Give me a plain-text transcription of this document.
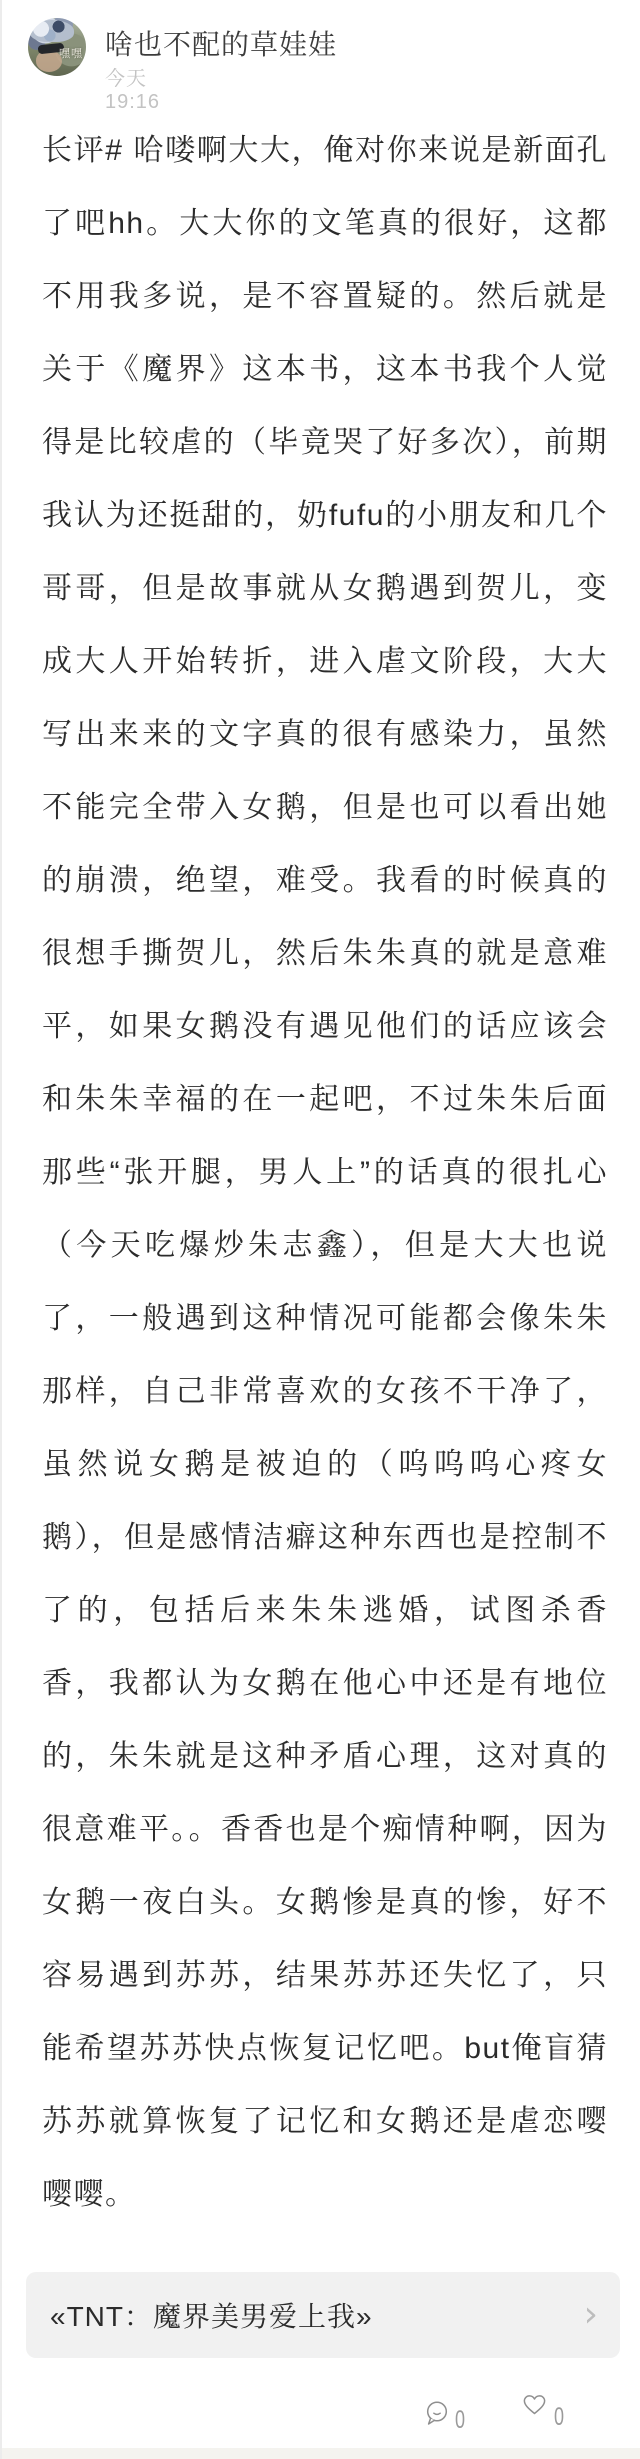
嘿嘿 啥也不配的草娃娃
今天 19:16
长评# 哈喽啊大大，俺对你来说是新面孔了吧hh。大大你的文笔真的很好，这都不用我多说，是不容置疑的。然后就是关于《魔界》这本书，这本书我个人觉得是比较虐的（毕竟哭了好多次），前期我认为还挺甜的，奶fufu的小朋友和几个哥哥，但是故事就从女鹅遇到贺儿，变成大人开始转折，进入虐文阶段，大大写出来来的文字真的很有感染力，虽然不能完全带入女鹅，但是也可以看出她的崩溃，绝望，难受。我看的时候真的很想手撕贺儿，然后朱朱真的就是意难平，如果女鹅没有遇见他们的话应该会和朱朱幸福的在一起吧，不过朱朱后面那些“张开腿，男人上”的话真的很扎心（今天吃爆炒朱志鑫），但是大大也说了，一般遇到这种情况可能都会像朱朱那样，自己非常喜欢的女孩不干净了，虽然说女鹅是被迫的（呜呜呜心疼女鹅），但是感情洁癖这种东西也是控制不了的，包括后来朱朱逃婚，试图杀香香，我都认为女鹅在他心中还是有地位的，朱朱就是这种矛盾心理，这对真的很意难平。。香香也是个痴情种啊，因为女鹅一夜白头。女鹅惨是真的惨，好不容易遇到苏苏，结果苏苏还失忆了，只能希望苏苏快点恢复记忆吧。but俺盲猜苏苏就算恢复了记忆和女鹅还是虐恋嘤嘤嘤。
«TNT：魔界美男爱上我»	›
0	0
